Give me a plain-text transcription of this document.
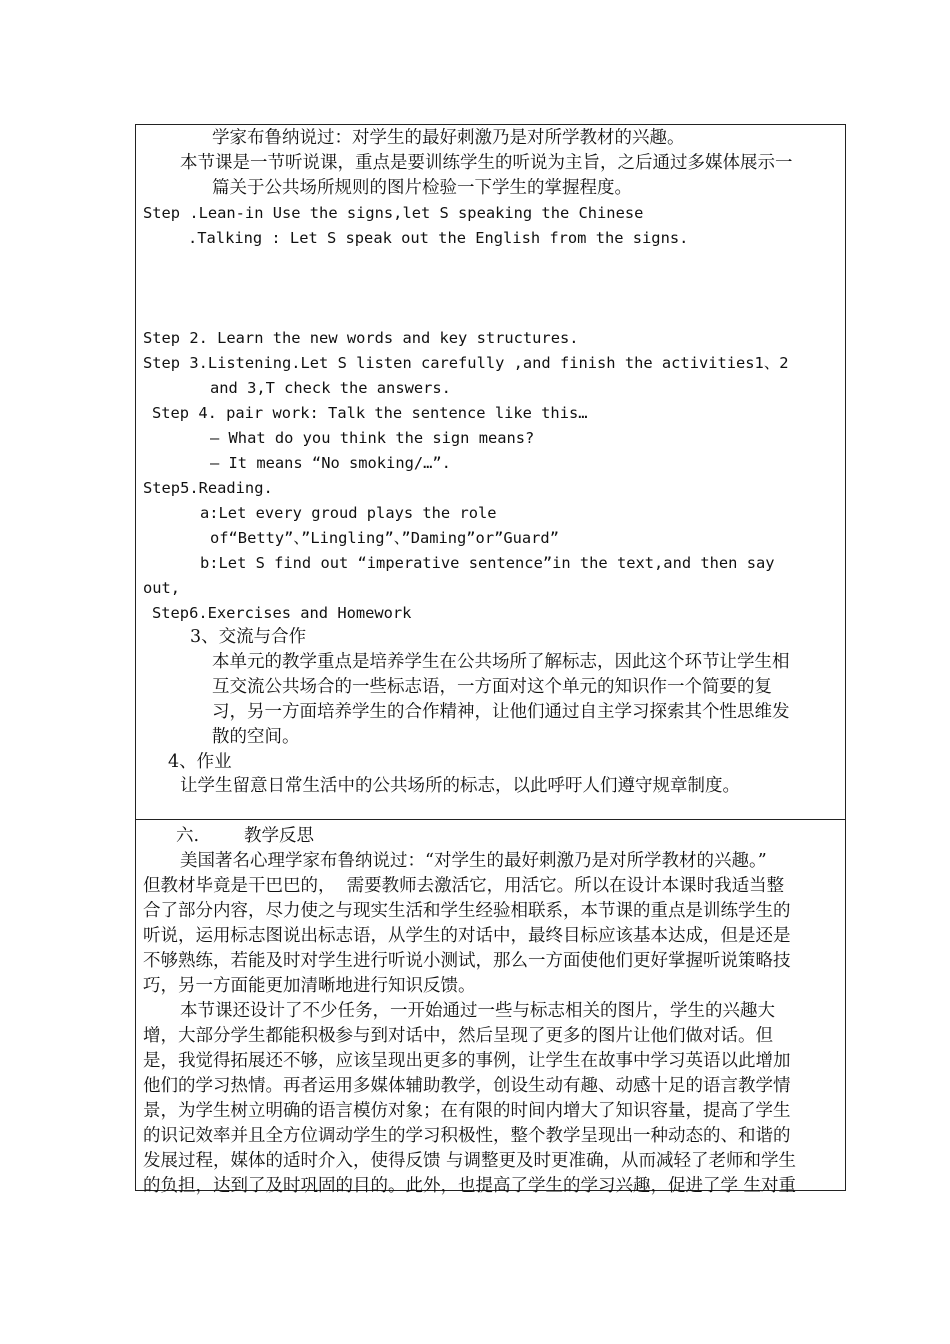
学家布鲁纳说过：对学生的最好刺激乃是对所学教材的兴趣。
本节课是一节听说课，重点是要训练学生的听说为主旨，之后通过多媒体展示一
篇关于公共场所规则的图片检验一下学生的掌握程度。
Step .Lean-in Use the signs,let S speaking the Chinese
.Talking : Let S speak out the English from the signs.
Step 2. Learn the new words and key structures.
Step 3.Listening.Let S listen carefully ,and finish the activities1、2
and 3,T check the answers.
Step 4. pair work: Talk the sentence like this…
— What do you think the sign means?
— It means “No smoking/…”.
Step5.Reading.
a:Let every groud plays the role
of“Betty”、”Lingling”、”Daming”or”Guard”
b:Let S find out “imperative sentence”in the text,and then say
out,
Step6.Exercises and Homework
3、交流与合作
本单元的教学重点是培养学生在公共场所了解标志，因此这个环节让学生相
互交流公共场合的一些标志语，一方面对这个单元的知识作一个简要的复
习，另一方面培养学生的合作精神，让他们通过自主学习探索其个性思维发
散的空间。
4、作业
让学生留意日常生活中的公共场所的标志，以此呼吁人们遵守规章制度。
六.	教学反思
美国著名心理学家布鲁纳说过：“对学生的最好刺激乃是对所学教材的兴趣。”
但教材毕竟是干巴巴的，  需要教师去激活它，用活它。所以在设计本课时我适当整
合了部分内容，尽力使之与现实生活和学生经验相联系，本节课的重点是训练学生的
听说，运用标志图说出标志语，从学生的对话中，最终目标应该基本达成，但是还是
不够熟练，若能及时对学生进行听说小测试，那么一方面使他们更好掌握听说策略技
巧，另一方面能更加清晰地进行知识反馈。
本节课还设计了不少任务，一开始通过一些与标志相关的图片，学生的兴趣大
增，大部分学生都能积极参与到对话中，然后呈现了更多的图片让他们做对话。但
是，我觉得拓展还不够，应该呈现出更多的事例，让学生在故事中学习英语以此增加
他们的学习热情。再者运用多媒体辅助教学，创设生动有趣、动感十足的语言教学情
景，为学生树立明确的语言模仿对象；在有限的时间内增大了知识容量，提高了学生
的识记效率并且全方位调动学生的学习积极性，整个教学呈现出一种动态的、和谐的
发展过程，媒体的适时介入，使得反馈 与调整更及时更准确，从而减轻了老师和学生
的负担，达到了及时巩固的目的。此外，也提高了学生的学习兴趣，促进了学 生对重
